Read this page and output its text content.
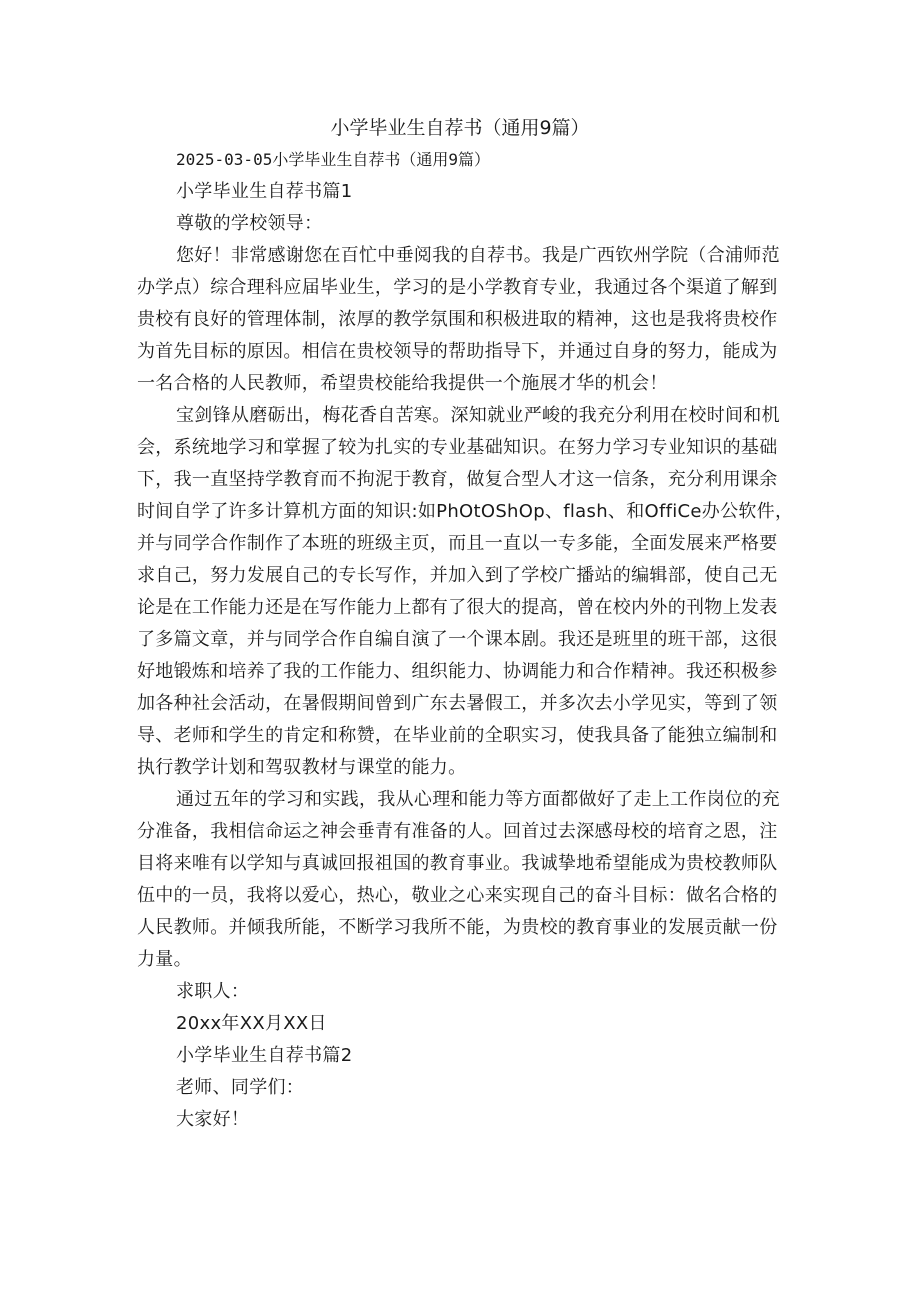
小学毕业生自荐书（通用9篇）

2025-03-05小学毕业生自荐书（通用9篇）

小学毕业生自荐书篇1

尊敬的学校领导：

您好！非常感谢您在百忙中垂阅我的自荐书。我是广西钦州学院（合浦师范办学点）综合理科应届毕业生，学习的是小学教育专业，我通过各个渠道了解到贵校有良好的管理体制，浓厚的教学氛围和积极进取的精神，这也是我将贵校作为首先目标的原因。相信在贵校领导的帮助指导下，并通过自身的努力，能成为一名合格的人民教师，希望贵校能给我提供一个施展才华的机会！

宝剑锋从磨砺出，梅花香自苦寒。深知就业严峻的我充分利用在校时间和机会，系统地学习和掌握了较为扎实的专业基础知识。在努力学习专业知识的基础下，我一直坚持学教育而不拘泥于教育，做复合型人才这一信条，充分利用课余时间自学了许多计算机方面的知识:如PhOtOShOp、flash、和OffiCe办公软件，并与同学合作制作了本班的班级主页，而且一直以一专多能，全面发展来严格要求自己，努力发展自己的专长写作，并加入到了学校广播站的编辑部，使自己无论是在工作能力还是在写作能力上都有了很大的提高，曾在校内外的刊物上发表了多篇文章，并与同学合作自编自演了一个课本剧。我还是班里的班干部，这很好地锻炼和培养了我的工作能力、组织能力、协调能力和合作精神。我还积极参加各种社会活动，在暑假期间曾到广东去暑假工，并多次去小学见实，等到了领导、老师和学生的肯定和称赞，在毕业前的全职实习，使我具备了能独立编制和执行教学计划和驾驭教材与课堂的能力。

通过五年的学习和实践，我从心理和能力等方面都做好了走上工作岗位的充分准备，我相信命运之神会垂青有准备的人。回首过去深感母校的培育之恩，注目将来唯有以学知与真诚回报祖国的教育事业。我诚挚地希望能成为贵校教师队伍中的一员，我将以爱心，热心，敬业之心来实现自己的奋斗目标：做名合格的人民教师。并倾我所能，不断学习我所不能，为贵校的教育事业的发展贡献一份力量。

求职人：

20xx年XX月XX日

小学毕业生自荐书篇2

老师、同学们：

大家好！
